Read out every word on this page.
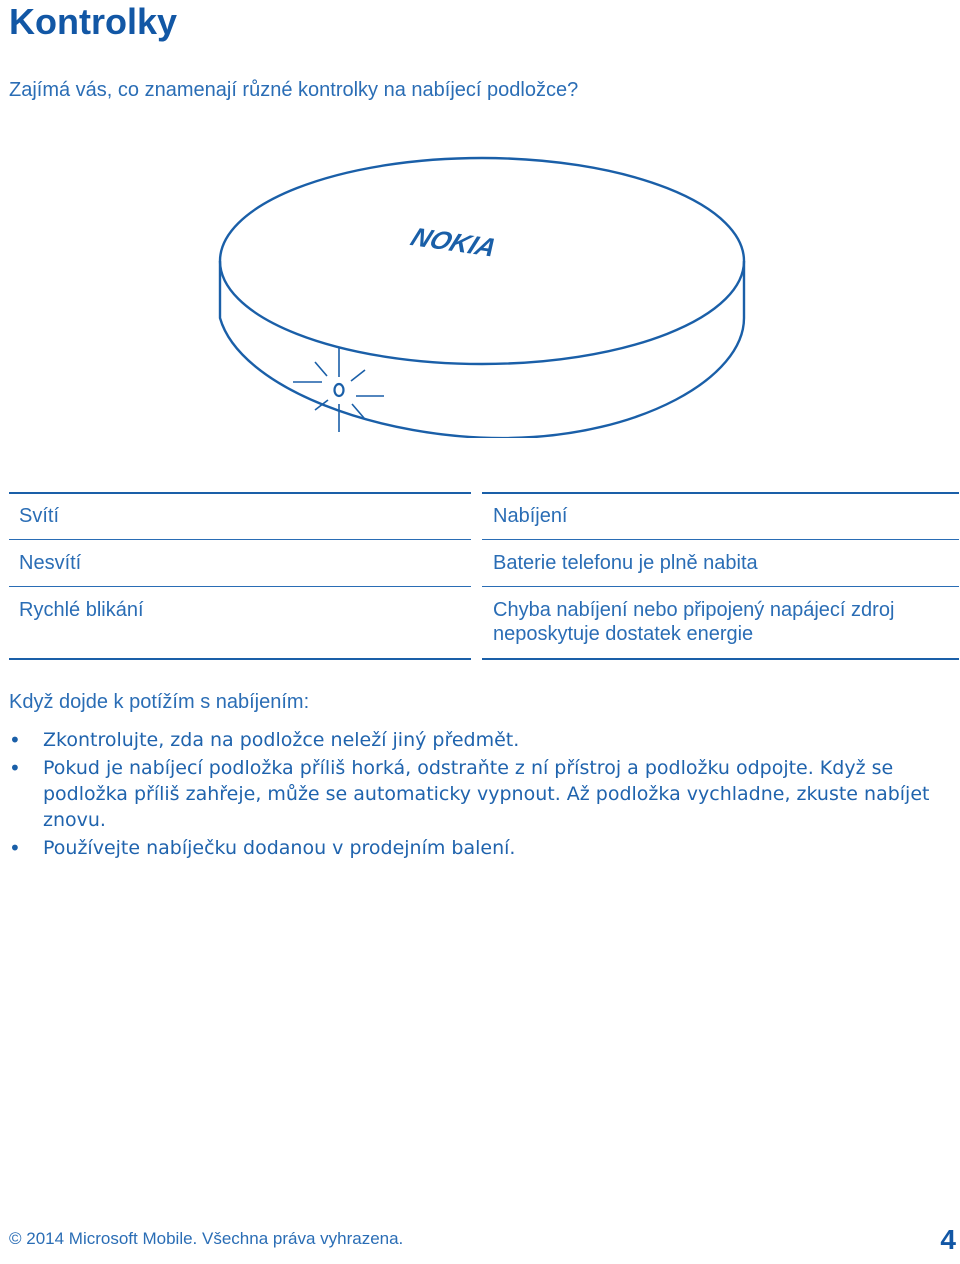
Kontrolky

Zajímá vás, co znamenají různé kontrolky na nabíjecí podložce?

NOKIA
Svítí	Nabíjení
Nesvítí	Baterie telefonu je plně nabita
Rychlé blikání	Chyba nabíjení nebo připojený napájecí zdroj neposkytuje dostatek energie

Když dojde k potížím s nabíjením:

•	Zkontrolujte, zda na podložce neleží jiný předmět.
•	Pokud je nabíjecí podložka příliš horká, odstraňte z ní přístroj a podložku odpojte. Když se podložka příliš zahřeje, může se automaticky vypnout. Až podložka vychladne, zkuste nabíjet znovu.
•	Používejte nabíječku dodanou v prodejním balení.
© 2014 Microsoft Mobile. Všechna práva vyhrazena.	4
